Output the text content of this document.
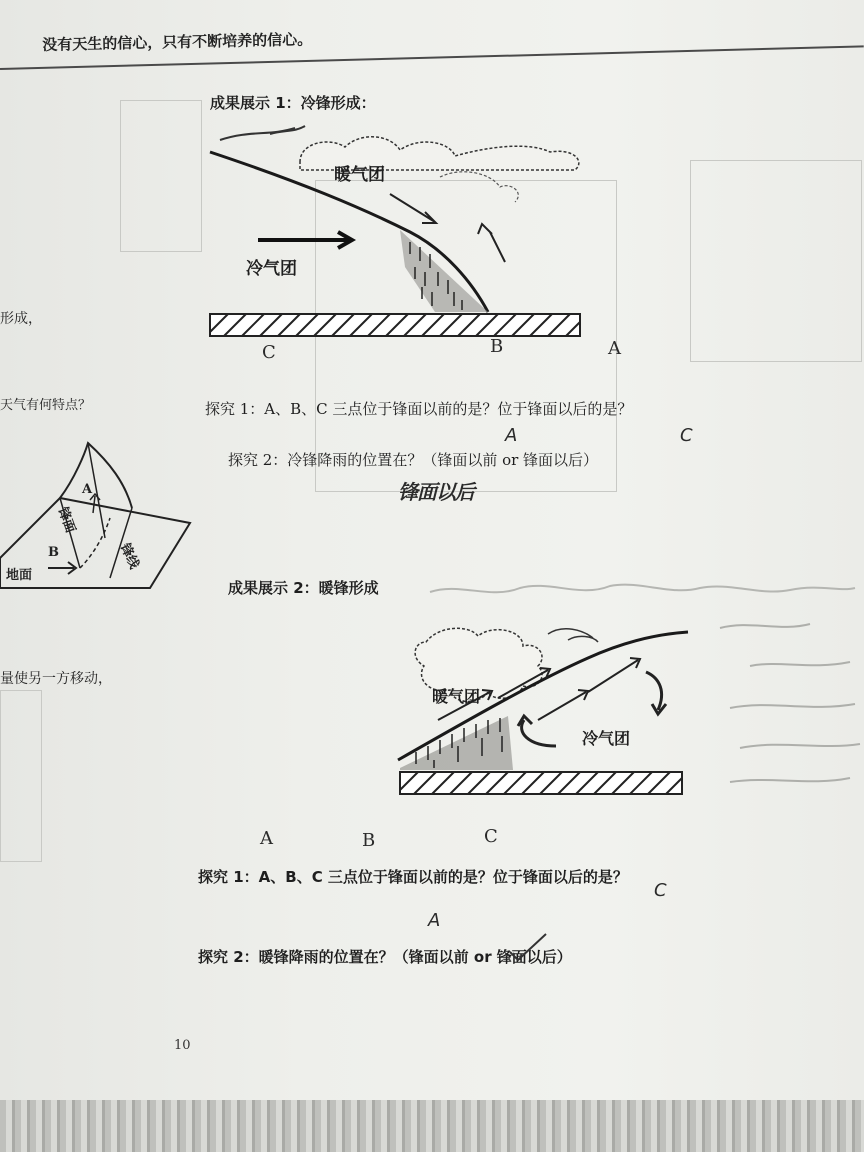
没有天生的信心，只有不断培养的信心。
形成，
天气有何特点？
量使另一方移动，
A
锋面
锋线
B
地面
成果展示 1：冷锋形成：
暖气团
冷气团
C	B	A
探究 1：A、B、C 三点位于锋面以前的是？位于锋面以后的是？
A	C
探究 2：冷锋降雨的位置在？（锋面以前 or 锋面以后）
锋面以后
成果展示 2：暖锋形成
暖气团
冷气团
A	B	C
探究 1：A、B、C 三点位于锋面以前的是？位于锋面以后的是？
A
C
探究 2：暖锋降雨的位置在？（锋面以前 or 锋面以后）
10
